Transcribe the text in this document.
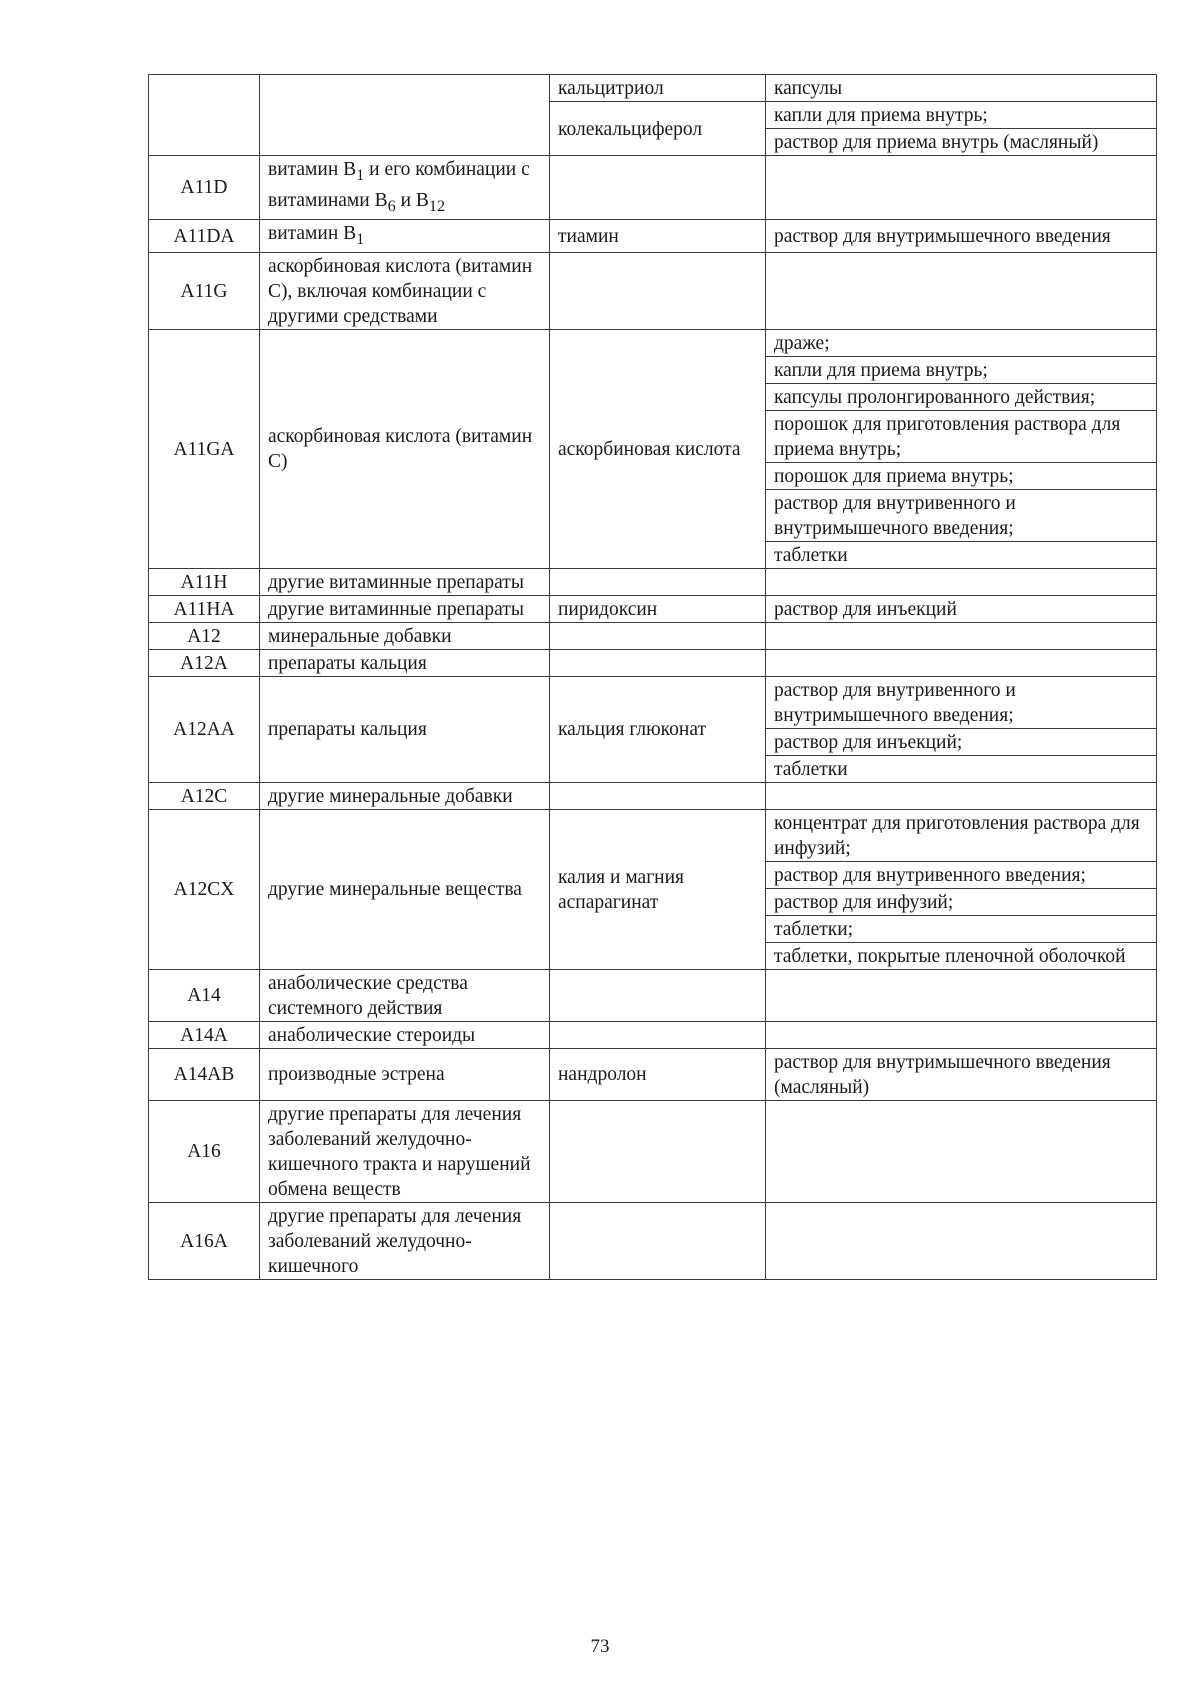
		кальцитриол	капсулы
		колекальциферол	капли для приема внутрь;
			раствор для приема внутрь (масляный)
A11D	витамин $B_1$ и его комбинации с витаминами $B_6$ и $B_{12}$		
A11DA	витамин $B_1$	тиамин	раствор для внутримышечного введения
A11G	аскорбиновая кислота (витамин С), включая комбинации с другими средствами		
A11GA	аскорбиновая кислота (витамин С)	аскорбиновая кислота	драже;
			капли для приема внутрь;
			капсулы пролонгированного действия;
			порошок для приготовления раствора для приема внутрь;
			порошок для приема внутрь;
			раствор для внутривенного и внутримышечного введения;
			таблетки
A11H	другие витаминные препараты		
A11HA	другие витаминные препараты	пиридоксин	раствор для инъекций
A12	минеральные добавки		
A12A	препараты кальция		
A12AA	препараты кальция	кальция глюконат	раствор для внутривенного и внутримышечного введения;
			раствор для инъекций;
			таблетки
A12C	другие минеральные добавки		
A12CX	другие минеральные вещества	калия и магния аспарагинат	концентрат для приготовления раствора для инфузий;
			раствор для внутривенного введения;
			раствор для инфузий;
			таблетки;
			таблетки, покрытые пленочной оболочкой
A14	анаболические средства системного действия		
A14A	анаболические стероиды		
A14AB	производные эстрена	нандролон	раствор для внутримышечного введения (масляный)
A16	другие препараты для лечения заболеваний желудочно-кишечного тракта и нарушений обмена веществ		
A16A	другие препараты для лечения заболеваний желудочно-кишечного		
73
